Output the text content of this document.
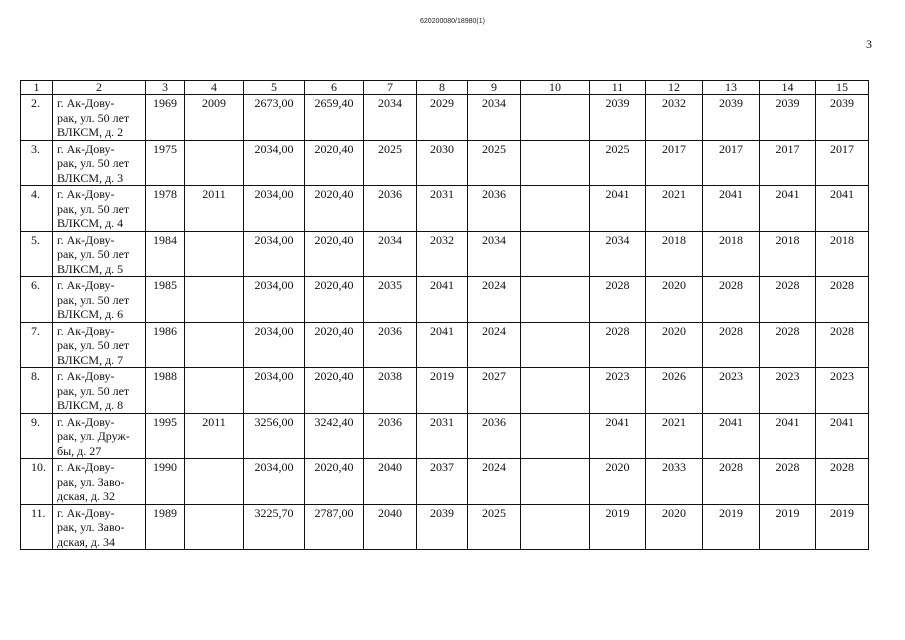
620200080/18980(1)
3
1	2	3	4	5	6	7	8	9	10	11	12	13	14	15
2.	г. Ак-Дову-
рак, ул. 50 лет
ВЛКСМ, д. 2	1969	2009	2673,00	2659,40	2034	2029	2034		2039	2032	2039	2039	2039
3.	г. Ак-Дову-
рак, ул. 50 лет
ВЛКСМ, д. 3	1975		2034,00	2020,40	2025	2030	2025		2025	2017	2017	2017	2017
4.	г. Ак-Дову-
рак, ул. 50 лет
ВЛКСМ, д. 4	1978	2011	2034,00	2020,40	2036	2031	2036		2041	2021	2041	2041	2041
5.	г. Ак-Дову-
рак, ул. 50 лет
ВЛКСМ, д. 5	1984		2034,00	2020,40	2034	2032	2034		2034	2018	2018	2018	2018
6.	г. Ак-Дову-
рак, ул. 50 лет
ВЛКСМ, д. 6	1985		2034,00	2020,40	2035	2041	2024		2028	2020	2028	2028	2028
7.	г. Ак-Дову-
рак, ул. 50 лет
ВЛКСМ, д. 7	1986		2034,00	2020,40	2036	2041	2024		2028	2020	2028	2028	2028
8.	г. Ак-Дову-
рак, ул. 50 лет
ВЛКСМ, д. 8	1988		2034,00	2020,40	2038	2019	2027		2023	2026	2023	2023	2023
9.	г. Ак-Дову-
рак, ул. Друж-
бы, д. 27	1995	2011	3256,00	3242,40	2036	2031	2036		2041	2021	2041	2041	2041
10.	г. Ак-Дову-
рак, ул. Заво-
дская, д. 32	1990		2034,00	2020,40	2040	2037	2024		2020	2033	2028	2028	2028
11.	г. Ак-Дову-
рак, ул. Заво-
дская, д. 34	1989		3225,70	2787,00	2040	2039	2025		2019	2020	2019	2019	2019
